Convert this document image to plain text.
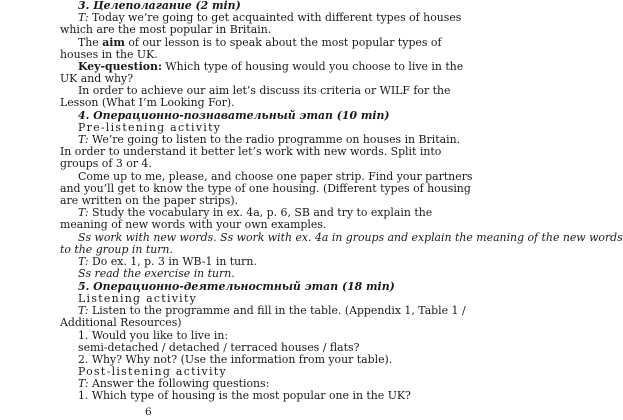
3. Целеполагание (2 min)
T: Today we’re going to get acquainted with different types of houses
which are the most popular in Britain.
The aim of our lesson is to speak about the most popular types of
houses in the UK.
Key-question: Which type of housing would you choose to live in the
UK and why?
In order to achieve our aim let’s discuss its criteria or WILF for the
Lesson (What I’m Looking For).
4. Операционно-познавательный этап (10 min)
Pre-listening activity
T: We’re going to listen to the radio programme on houses in Britain.
In order to understand it better let’s work with new words. Split into
groups of 3 or 4.
Come up to me, please, and choose one paper strip. Find your partners
and you’ll get to know the type of one housing. (Different types of housing
are written on the paper strips).
T: Study the vocabulary in ex. 4a, p. 6, SB and try to explain the
meaning of new words with your own examples.
Ss work with new words. Ss work with ex. 4a in groups and explain the meaning of the new words
to the group in turn.
T: Do ex. 1, p. 3 in WB-1 in turn.
Ss read the exercise in turn.
5. Операционно-деятельностный этап (18 min)
Listening activity
T: Listen to the programme and fill in the table. (Appendix 1, Table 1 /
Additional Resources)
1. Would you like to live in:
semi-detached / detached / terraced houses / flats?
2. Why? Why not? (Use the information from your table).
Post-listening activity
T: Answer the following questions:
1. Which type of housing is the most popular one in the UK?
6
